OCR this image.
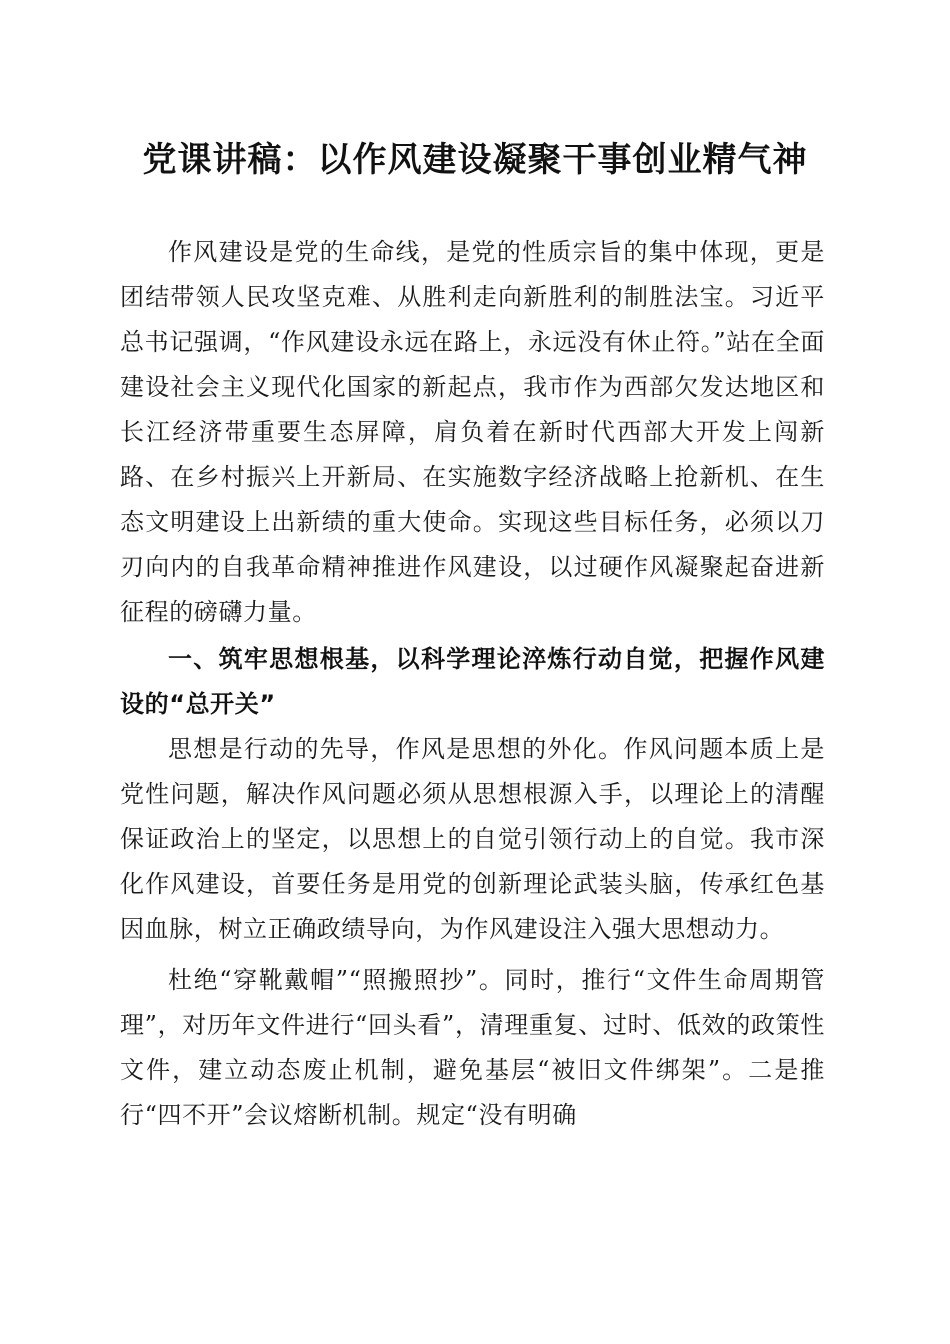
党课讲稿：以作风建设凝聚干事创业精气神

作风建设是党的生命线，是党的性质宗旨的集中体现，更是团结带领人民攻坚克难、从胜利走向新胜利的制胜法宝。习近平总书记强调，“作风建设永远在路上，永远没有休止符。”站在全面建设社会主义现代化国家的新起点，我市作为西部欠发达地区和长江经济带重要生态屏障，肩负着在新时代西部大开发上闯新路、在乡村振兴上开新局、在实施数字经济战略上抢新机、在生态文明建设上出新绩的重大使命。实现这些目标任务，必须以刀刃向内的自我革命精神推进作风建设，以过硬作风凝聚起奋进新征程的磅礴力量。

一、筑牢思想根基，以科学理论淬炼行动自觉，把握作风建设的“总开关”

思想是行动的先导，作风是思想的外化。作风问题本质上是党性问题，解决作风问题必须从思想根源入手，以理论上的清醒保证政治上的坚定，以思想上的自觉引领行动上的自觉。我市深化作风建设，首要任务是用党的创新理论武装头脑，传承红色基因血脉，树立正确政绩导向，为作风建设注入强大思想动力。

杜绝“穿靴戴帽”“照搬照抄”。同时，推行“文件生命周期管理”，对历年文件进行“回头看”，清理重复、过时、低效的政策性文件，建立动态废止机制，避免基层“被旧文件绑架”。二是推行“四不开”会议熔断机制。规定“没有明确
